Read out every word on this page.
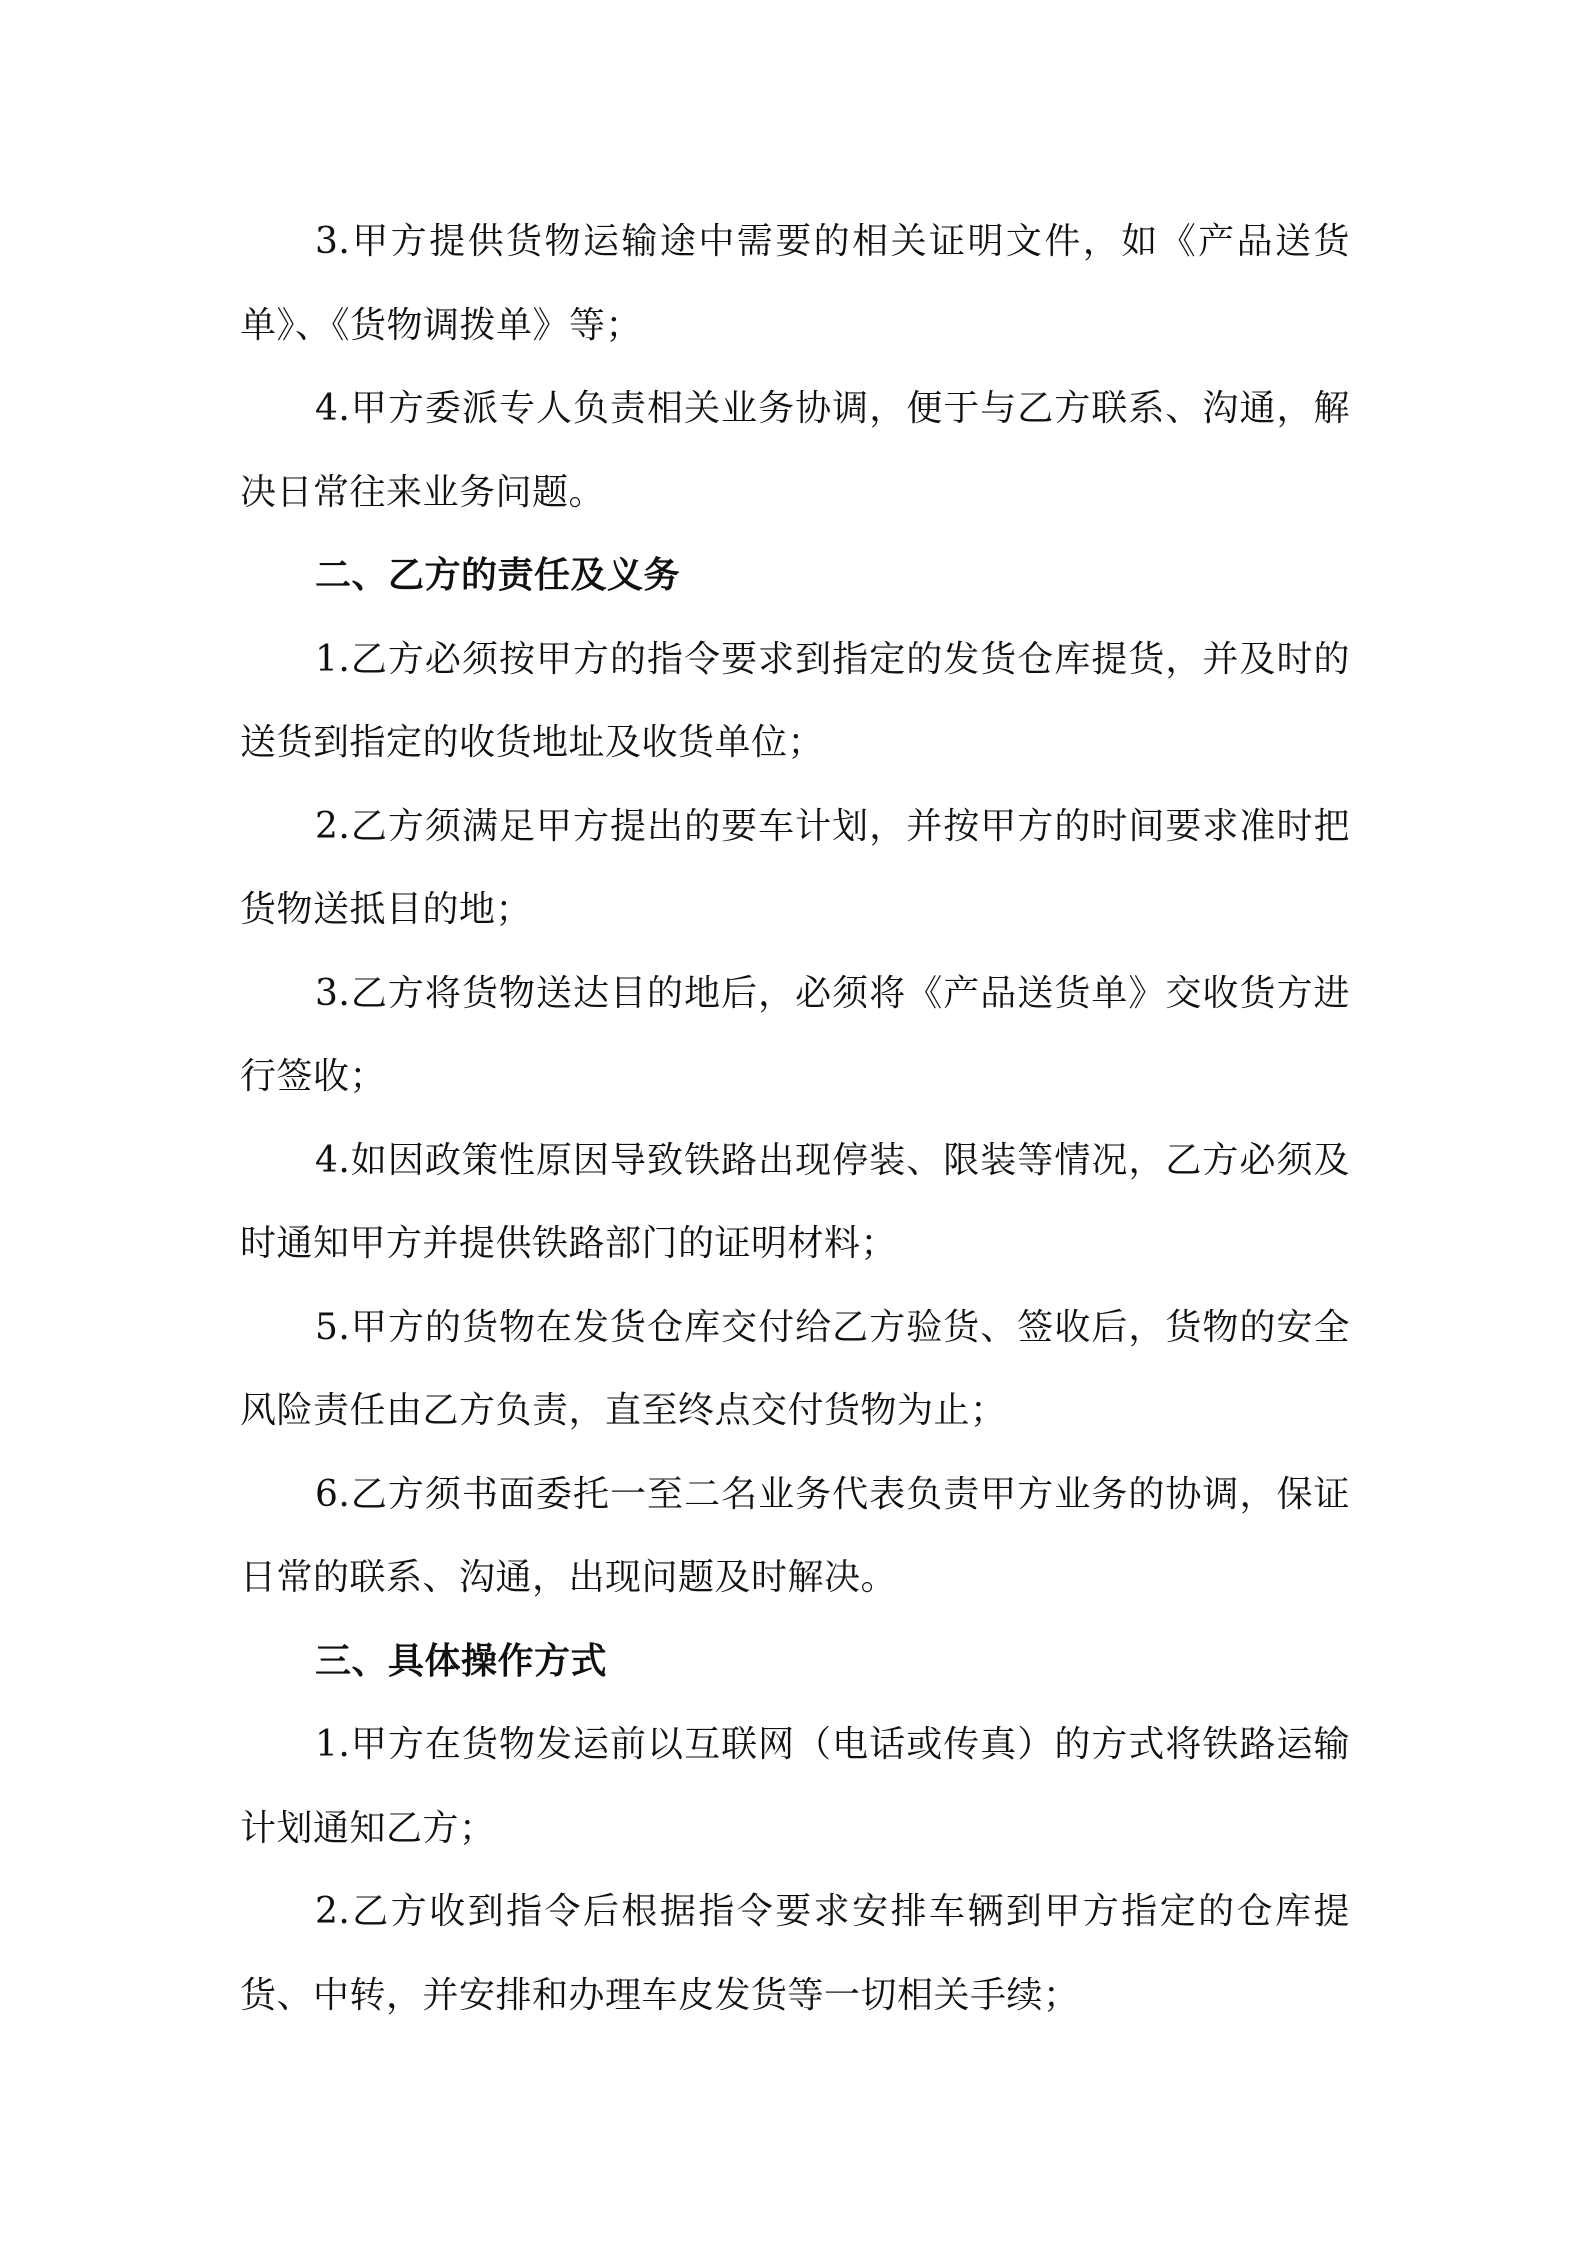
3.甲方提供货物运输途中需要的相关证明文件，如《产品送货单》、《货物调拨单》等；

4.甲方委派专人负责相关业务协调，便于与乙方联系、沟通，解决日常往来业务问题。

二、乙方的责任及义务

1.乙方必须按甲方的指令要求到指定的发货仓库提货，并及时的送货到指定的收货地址及收货单位；

2.乙方须满足甲方提出的要车计划，并按甲方的时间要求准时把货物送抵目的地；

3.乙方将货物送达目的地后，必须将《产品送货单》交收货方进行签收；

4.如因政策性原因导致铁路出现停装、限装等情况，乙方必须及时通知甲方并提供铁路部门的证明材料；

5.甲方的货物在发货仓库交付给乙方验货、签收后，货物的安全风险责任由乙方负责，直至终点交付货物为止；

6.乙方须书面委托一至二名业务代表负责甲方业务的协调，保证日常的联系、沟通，出现问题及时解决。

三、具体操作方式

1.甲方在货物发运前以互联网（电话或传真）的方式将铁路运输计划通知乙方；

2.乙方收到指令后根据指令要求安排车辆到甲方指定的仓库提货、中转，并安排和办理车皮发货等一切相关手续；
